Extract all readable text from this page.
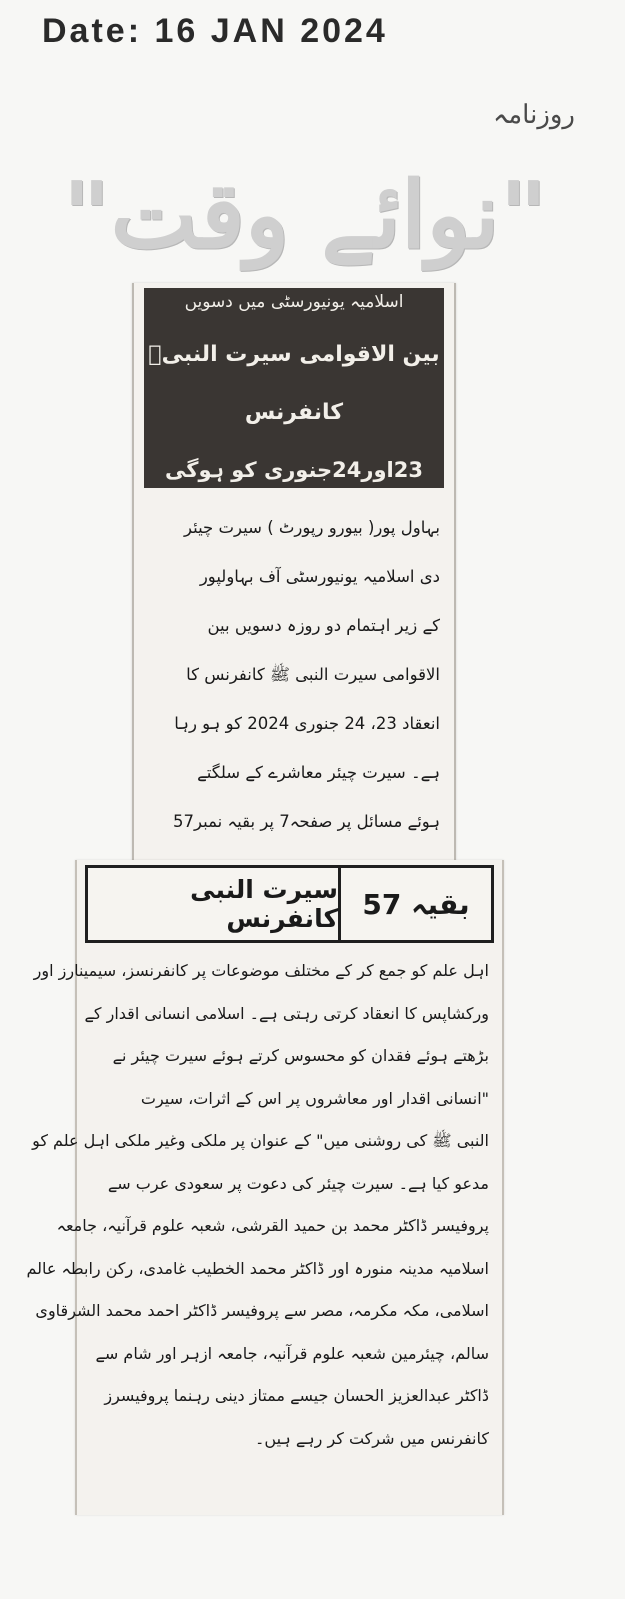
Date: 16 JAN 2024
روزنامہ
"نوائے وقت"
اسلامیہ یونیورسٹی میں دسویں
بین الاقوامی سیرت النبیؐ کانفرنس
23اور24جنوری کو ہوگی
بہاول پور( بیورو رپورٹ ) سیرت چیئر
دی اسلامیہ یونیورسٹی آف بہاولپور
کے زیر اہتمام دو روزہ دسویں بین
الاقوامی سیرت النبی ﷺ کانفرنس کا
انعقاد 23، 24 جنوری 2024 کو ہو رہا
ہے۔ سیرت چیئر معاشرے کے سلگتے
ہوئے مسائل پر صفحہ7 پر بقیہ نمبر57
بقیہ 57
سیرت النبی کانفرنس
اہل علم کو جمع کر کے مختلف موضوعات پر کانفرنسز، سیمینارز اور
ورکشاپس کا انعقاد کرتی رہتی ہے۔ اسلامی انسانی اقدار کے
بڑھتے ہوئے فقدان کو محسوس کرتے ہوئے سیرت چیئر نے
"انسانی اقدار اور معاشروں پر اس کے اثرات، سیرت
النبی ﷺ کی روشنی میں" کے عنوان پر ملکی وغیر ملکی اہل علم کو
مدعو کیا ہے۔ سیرت چیئر کی دعوت پر سعودی عرب سے
پروفیسر ڈاکٹر محمد بن حمید القرشی، شعبہ علوم قرآنیہ، جامعہ
اسلامیہ مدینہ منورہ اور ڈاکٹر محمد الخطیب غامدی، رکن رابطہ عالم
اسلامی، مکہ مکرمہ، مصر سے پروفیسر ڈاکٹر احمد محمد الشرقاوی
سالم، چیئرمین شعبہ علوم قرآنیہ، جامعہ ازہر اور شام سے
ڈاکٹر عبدالعزیز الحسان جیسے ممتاز دینی رہنما پروفیسرز
کانفرنس میں شرکت کر رہے ہیں۔
